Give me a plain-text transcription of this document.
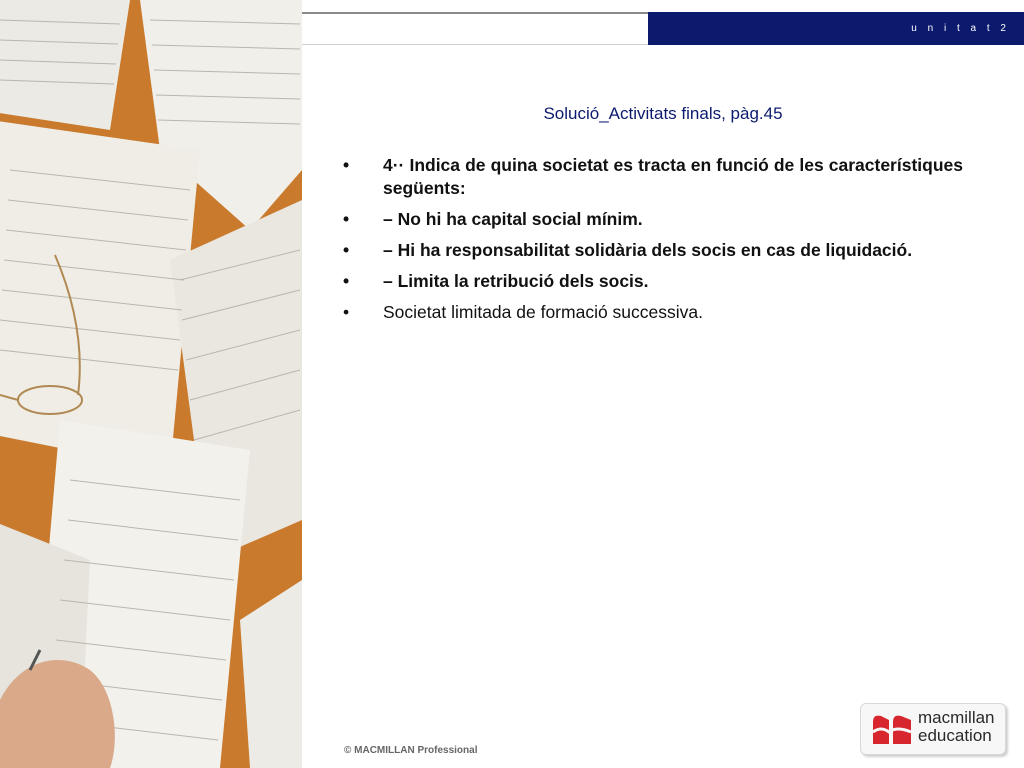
u n i t a t 2
Solució_Activitats finals, pàg.45
• 4·· Indica de quina societat es tracta en funció de les característiques següents:
• – No hi ha capital social mínim.
• – Hi ha responsabilitat solidària dels socis en cas de liquidació.
• – Limita la retribució dels socis.
• Societat limitada de formació successiva.
© MACMILLAN Professional
macmillan
education
